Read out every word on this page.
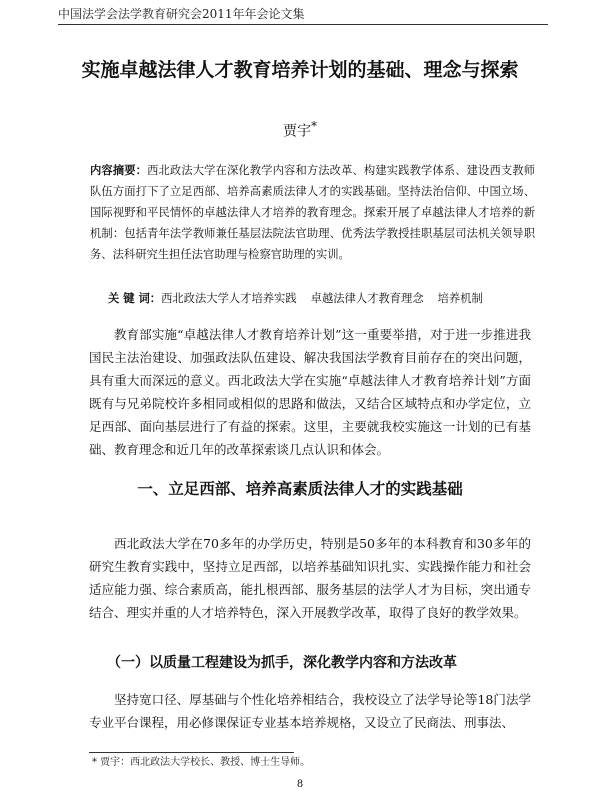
中国法学会法学教育研究会2011年年会论文集
实施卓越法律人才教育培养计划的基础、理念与探索
贾宇*

内容摘要：西北政法大学在深化教学内容和方法改革、构建实践教学体系、建设西支教师队伍方面打下了立足西部、培养高素质法律人才的实践基础。坚持法治信仰、中国立场、国际视野和平民情怀的卓越法律人才培养的教育理念。探索开展了卓越法律人才培养的新机制：包括青年法学教师兼任基层法院法官助理、优秀法学教授挂职基层司法机关领导职务、法科研究生担任法官助理与检察官助理的实训。

关 键 词：西北政法大学人才培养实践 卓越法律人才教育理念 培养机制

教育部实施“卓越法律人才教育培养计划”这一重要举措，对于进一步推进我国民主法治建设、加强政法队伍建设、解决我国法学教育目前存在的突出问题，具有重大而深远的意义。西北政法大学在实施“卓越法律人才教育培养计划”方面既有与兄弟院校许多相同或相似的思路和做法，又结合区域特点和办学定位，立足西部、面向基层进行了有益的探索。这里，主要就我校实施这一计划的已有基础、教育理念和近几年的改革探索谈几点认识和体会。

一、立足西部、培养高素质法律人才的实践基础

西北政法大学在70多年的办学历史，特别是50多年的本科教育和30多年的研究生教育实践中，坚持立足西部，以培养基础知识扎实、实践操作能力和社会适应能力强、综合素质高，能扎根西部、服务基层的法学人才为目标，突出通专结合、理实并重的人才培养特色，深入开展教学改革，取得了良好的教学效果。

（一）以质量工程建设为抓手，深化教学内容和方法改革

坚持宽口径、厚基础与个性化培养相结合，我校设立了法学导论等18门法学专业平台课程，用必修课保证专业基本培养规格，又设立了民商法、刑事法、

* 贾宇：西北政法大学校长、教授、博士生导师。
8
